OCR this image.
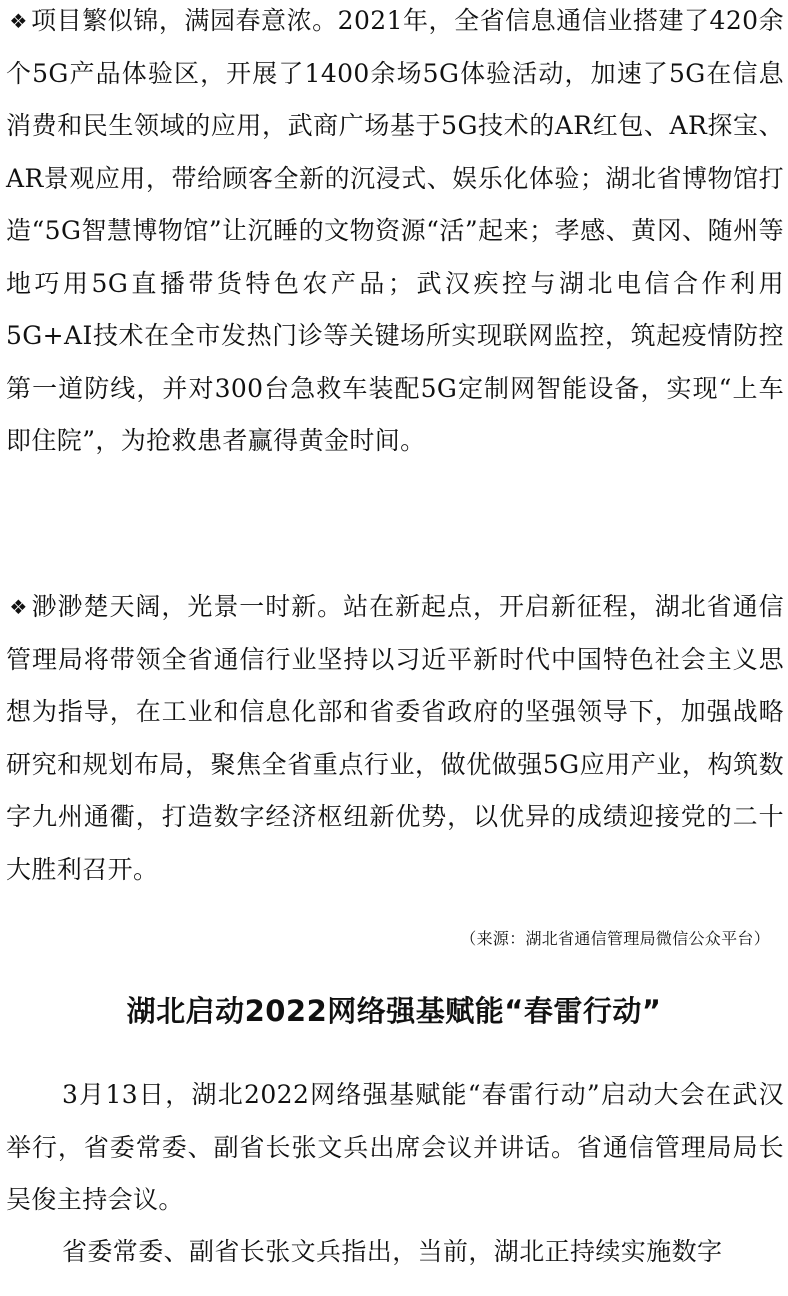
❖ 项目繁似锦，满园春意浓。2021年，全省信息通信业搭建了420余个5G产品体验区，开展了1400余场5G体验活动，加速了5G在信息消费和民生领域的应用，武商广场基于5G技术的AR红包、AR探宝、AR景观应用，带给顾客全新的沉浸式、娱乐化体验；湖北省博物馆打造“5G智慧博物馆”让沉睡的文物资源“活”起来；孝感、黄冈、随州等地巧用5G直播带货特色农产品；武汉疾控与湖北电信合作利用5G+AI技术在全市发热门诊等关键场所实现联网监控，筑起疫情防控第一道防线，并对300台急救车装配5G定制网智能设备，实现“上车即住院”，为抢救患者赢得黄金时间。

❖ 渺渺楚天阔，光景一时新。站在新起点，开启新征程，湖北省通信管理局将带领全省通信行业坚持以习近平新时代中国特色社会主义思想为指导，在工业和信息化部和省委省政府的坚强领导下，加强战略研究和规划布局，聚焦全省重点行业，做优做强5G应用产业，构筑数字九州通衢，打造数字经济枢纽新优势，以优异的成绩迎接党的二十大胜利召开。

（来源：湖北省通信管理局微信公众平台）

湖北启动2022网络强基赋能“春雷行动”

3月13日，湖北2022网络强基赋能“春雷行动”启动大会在武汉举行，省委常委、副省长张文兵出席会议并讲话。省通信管理局局长吴俊主持会议。

省委常委、副省长张文兵指出，当前，湖北正持续实施数字
